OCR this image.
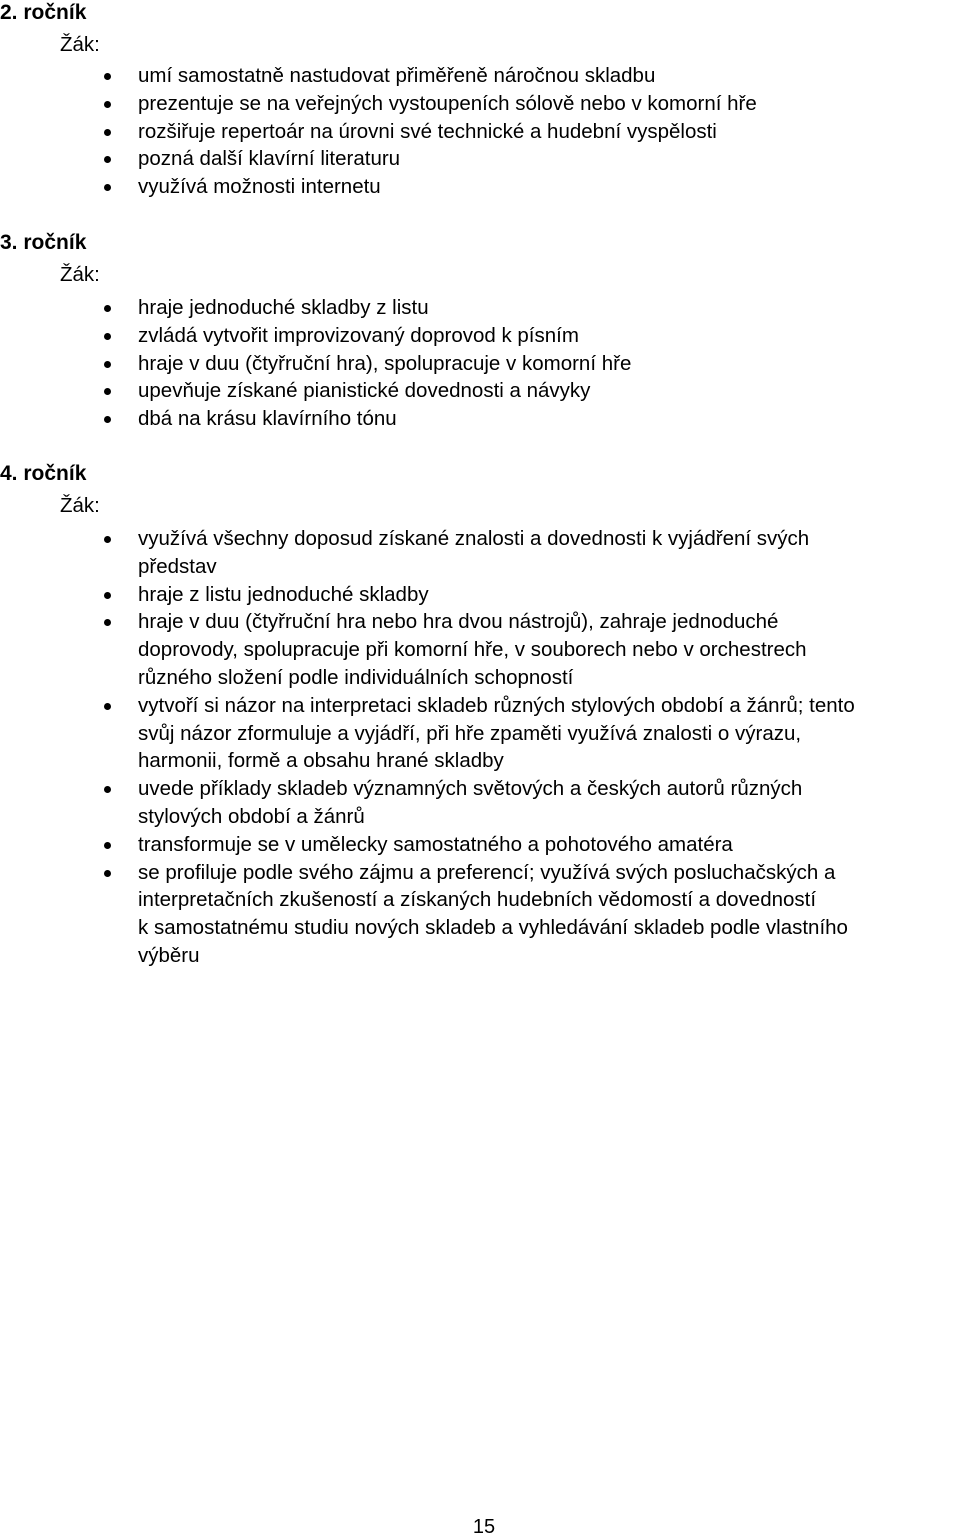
2. ročník
Žák:
umí samostatně nastudovat přiměřeně náročnou skladbu
prezentuje se na veřejných vystoupeních sólově nebo v komorní hře
rozšiřuje repertoár na úrovni své technické a hudební vyspělosti
pozná další klavírní literaturu
využívá možnosti internetu
3. ročník
Žák:
hraje jednoduché skladby z listu
zvládá vytvořit improvizovaný doprovod k písním
hraje v duu (čtyřruční hra), spolupracuje v komorní hře
upevňuje získané pianistické dovednosti a návyky
dbá na krásu klavírního tónu
4. ročník
Žák:
využívá všechny doposud získané znalosti a dovednosti k vyjádření svých
představ
hraje z listu jednoduché skladby
hraje v duu (čtyřruční hra nebo hra dvou nástrojů), zahraje jednoduché
doprovody, spolupracuje při komorní hře, v souborech nebo v orchestrech
různého složení podle individuálních schopností
vytvoří si názor na interpretaci skladeb různých stylových období a žánrů; tento
svůj názor zformuluje a vyjádří, při hře zpaměti využívá znalosti o výrazu,
harmonii, formě a obsahu hrané skladby
uvede příklady skladeb významných světových a českých autorů různých
stylových období a žánrů
transformuje se v umělecky samostatného a pohotového amatéra
se profiluje podle svého zájmu a preferencí; využívá svých posluchačských a
interpretačních zkušeností a získaných hudebních vědomostí a dovedností
k samostatnému studiu nových skladeb a vyhledávání skladeb podle vlastního
výběru
15
